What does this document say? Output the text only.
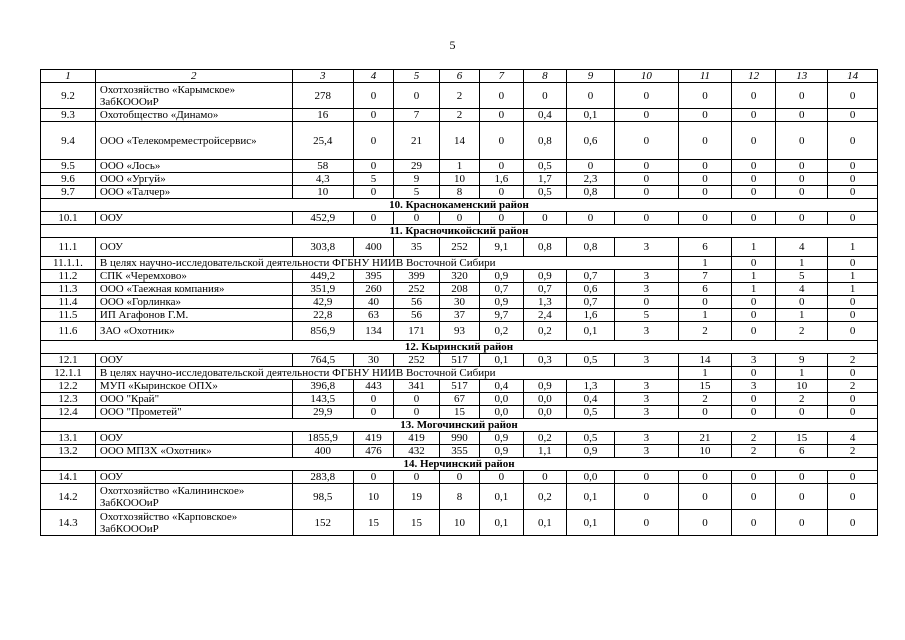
5
1	2	3	4	5	6	7	8	9	10	11	12	13	14
9.2	Охотхозяйство «Карымское» ЗабКОООиР	278	0	0	2	0	0	0	0	0	0	0	0
9.3	Охотобщество «Динамо»	16	0	7	2	0	0,4	0,1	0	0	0	0	0
9.4	ООО «Телекомреместройсервис»	25,4	0	21	14	0	0,8	0,6	0	0	0	0	0
9.5	ООО «Лось»	58	0	29	1	0	0,5	0	0	0	0	0	0
9.6	ООО «Ургуй»	4,3	5	9	10	1,6	1,7	2,3	0	0	0	0	0
9.7	ООО «Талчер»	10	0	5	8	0	0,5	0,8	0	0	0	0	0
10. Краснокаменский район													
10.1	ООУ	452,9	0	0	0	0	0	0	0	0	0	0	0
11. Красночикойский район													
11.1	ООУ	303,8	400	35	252	9,1	0,8	0,8	3	6	1	4	1
11.1.1.	В целях научно-исследовательской деятельности ФГБНУ НИИВ Восточной Сибири									1	0	1	0
11.2	СПК «Черемхово»	449,2	395	399	320	0,9	0,9	0,7	3	7	1	5	1
11.3	ООО «Таежная компания»	351,9	260	252	208	0,7	0,7	0,6	3	6	1	4	1
11.4	ООО «Горлинка»	42,9	40	56	30	0,9	1,3	0,7	0	0	0	0	0
11.5	ИП Агафонов Г.М.	22,8	63	56	37	9,7	2,4	1,6	5	1	0	1	0
11.6	ЗАО «Охотник»	856,9	134	171	93	0,2	0,2	0,1	3	2	0	2	0
12. Кыринский район													
12.1	ООУ	764,5	30	252	517	0,1	0,3	0,5	3	14	3	9	2
12.1.1	В целях научно-исследовательской деятельности ФГБНУ НИИВ Восточной Сибири									1	0	1	0
12.2	МУП «Кыринское ОПХ»	396,8	443	341	517	0,4	0,9	1,3	3	15	3	10	2
12.3	ООО "Край"	143,5	0	0	67	0,0	0,0	0,4	3	2	0	2	0
12.4	ООО "Прометей"	29,9	0	0	15	0,0	0,0	0,5	3	0	0	0	0
13. Могочинский район													
13.1	ООУ	1855,9	419	419	990	0,9	0,2	0,5	3	21	2	15	4
13.2	ООО МПЗХ «Охотник»	400	476	432	355	0,9	1,1	0,9	3	10	2	6	2
14. Нерчинский район													
14.1	ООУ	283,8	0	0	0	0	0	0,0	0	0	0	0	0
14.2	Охотхозяйство «Калининское» ЗабКОООиР	98,5	10	19	8	0,1	0,2	0,1	0	0	0	0	0
14.3	Охотхозяйство «Карповское» ЗабКОООиР	152	15	15	10	0,1	0,1	0,1	0	0	0	0	0
